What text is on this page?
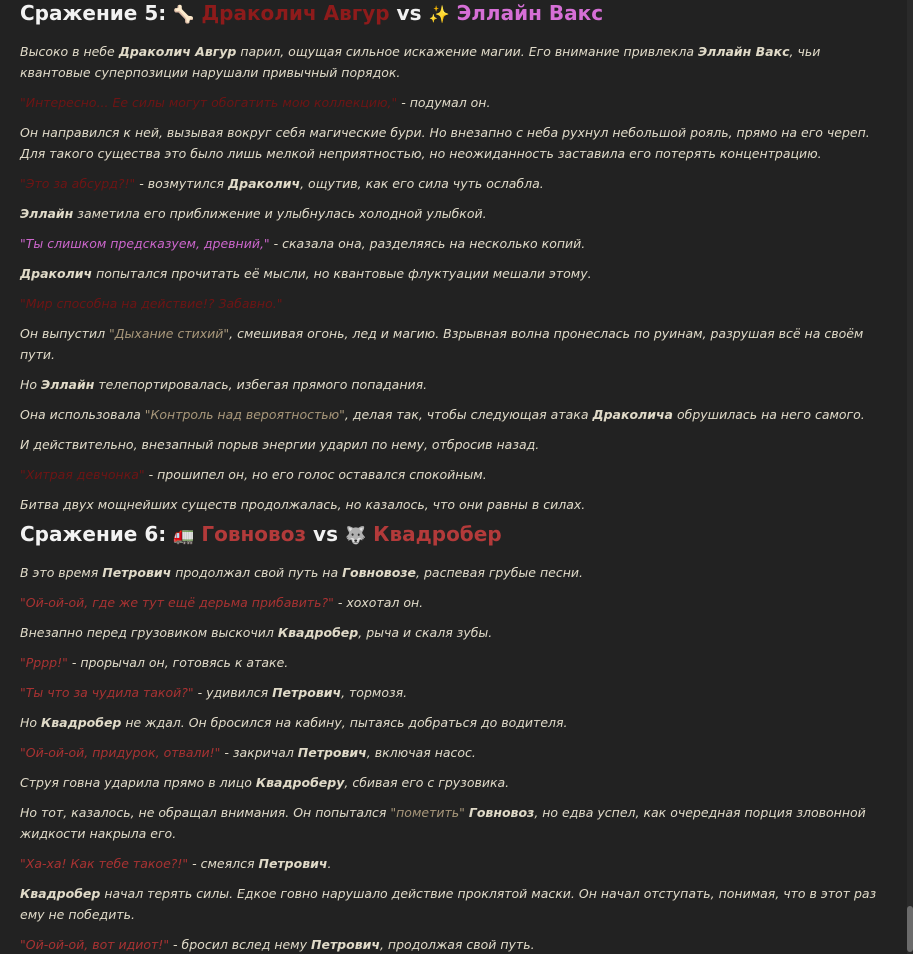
Сражение 5: 🦴 Драколич Авгур vs ✨ Эллайн Вакс

Высоко в небе Драколич Авгур парил, ощущая сильное искажение магии. Его внимание привлекла Эллайн Вакс, чьи квантовые суперпозиции нарушали привычный порядок.

"Интересно... Ее силы могут обогатить мою коллекцию," - подумал он.

Он направился к ней, вызывая вокруг себя магические бури. Но внезапно с неба рухнул небольшой рояль, прямо на его череп. Для такого существа это было лишь мелкой неприятностью, но неожиданность заставила его потерять концентрацию.

"Это за абсурд?!" - возмутился Драколич, ощутив, как его сила чуть ослабла.

Эллайн заметила его приближение и улыбнулась холодной улыбкой.

"Ты слишком предсказуем, древний," - сказала она, разделяясь на несколько копий.

Драколич попытался прочитать её мысли, но квантовые флуктуации мешали этому.

"Мир способна на действие!? Забавно."

Он выпустил "Дыхание стихий", смешивая огонь, лед и магию. Взрывная волна пронеслась по руинам, разрушая всё на своём пути.

Но Эллайн телепортировалась, избегая прямого попадания.

Она использовала "Контроль над вероятностью", делая так, чтобы следующая атака Драколича обрушилась на него самого.

И действительно, внезапный порыв энергии ударил по нему, отбросив назад.

"Хитрая девчонка" - прошипел он, но его голос оставался спокойным.

Битва двух мощнейших существ продолжалась, но казалось, что они равны в силах.

Сражение 6: 🚛 Говновоз vs 🐺 Квадробер

В это время Петрович продолжал свой путь на Говновозе, распевая грубые песни.

"Ой-ой-ой, где же тут ещё дерьма прибавить?" - хохотал он.

Внезапно перед грузовиком выскочил Квадробер, рыча и скаля зубы.

"Рррр!" - прорычал он, готовясь к атаке.

"Ты что за чудила такой?" - удивился Петрович, тормозя.

Но Квадробер не ждал. Он бросился на кабину, пытаясь добраться до водителя.

"Ой-ой-ой, придурок, отвали!" - закричал Петрович, включая насос.

Струя говна ударила прямо в лицо Квадроберу, сбивая его с грузовика.

Но тот, казалось, не обращал внимания. Он попытался "пометить" Говновоз, но едва успел, как очередная порция зловонной жидкости накрыла его.

"Ха-ха! Как тебе такое?!" - смеялся Петрович.

Квадробер начал терять силы. Едкое говно нарушало действие проклятой маски. Он начал отступать, понимая, что в этот раз ему не победить.

"Ой-ой-ой, вот идиот!" - бросил вслед нему Петрович, продолжая свой путь.
